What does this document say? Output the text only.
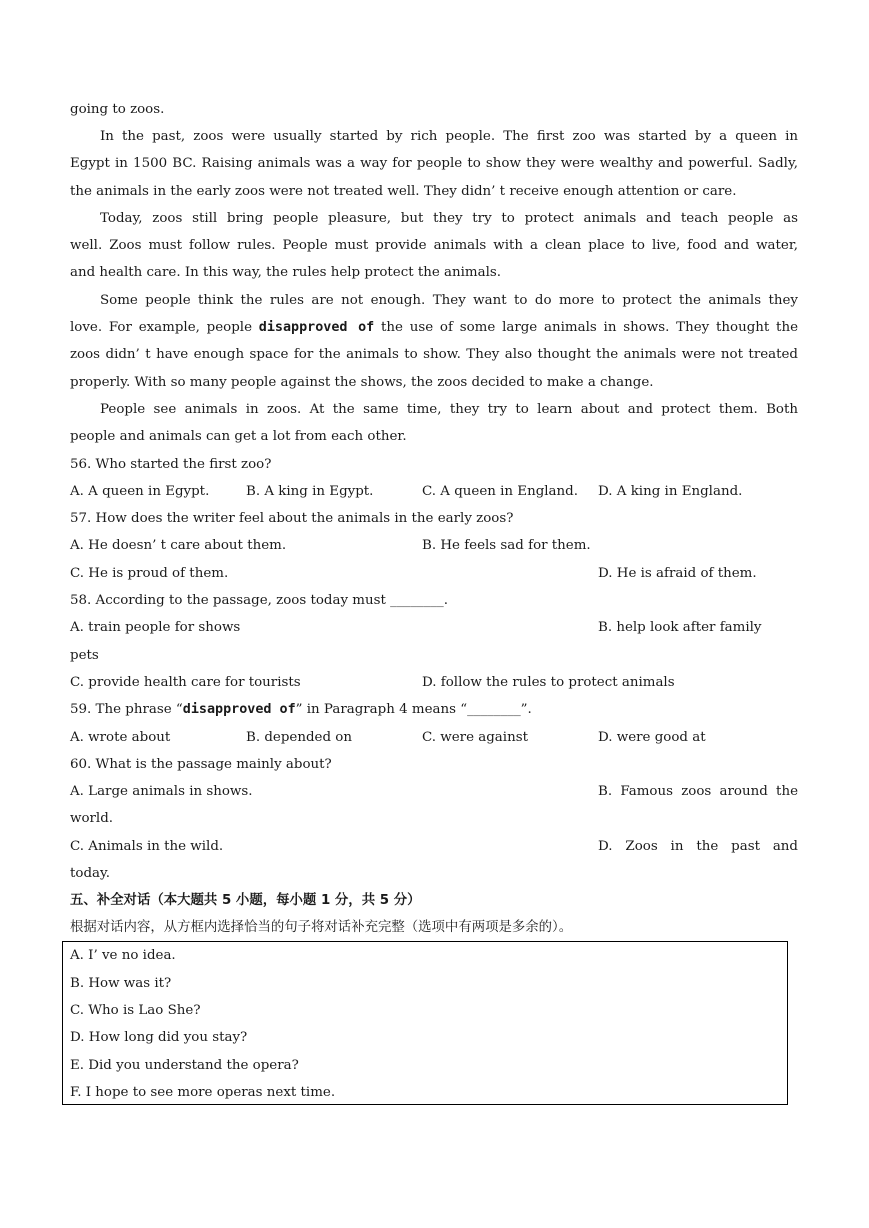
going to zoos.
In the past, zoos were usually started by rich people. The first zoo was started by a queen in
Egypt in 1500 BC. Raising animals was a way for people to show they were wealthy and powerful. Sadly,
the animals in the early zoos were not treated well. They didn’ t receive enough attention or care.
Today, zoos still bring people pleasure, but they try to protect animals and teach people as
well. Zoos must follow rules. People must provide animals with a clean place to live, food and water,
and health care. In this way, the rules help protect the animals.
Some people think the rules are not enough. They want to do more to protect the animals they
love. For example, people disapproved of the use of some large animals in shows. They thought the
zoos didn’ t have enough space for the animals to show. They also thought the animals were not treated
properly. With so many people against the shows, the zoos decided to make a change.
People see animals in zoos. At the same time, they try to learn about and protect them. Both
people and animals can get a lot from each other.
56. Who started the first zoo?
A. A queen in Egypt.	B. A king in Egypt.	C. A queen in England. D. A king in England.
57. How does the writer feel about the animals in the early zoos?
A. He doesn’ t care about them.	B. He feels sad for them.
C. He is proud of them.	D. He is afraid of them.
58. According to the passage, zoos today must ________.
A. train people for shows	B. help look after family
pets
C. provide health care for tourists	D. follow the rules to protect animals
59. The phrase “disapproved of” in Paragraph 4 means “________”.
A. wrote about	B. depended on	C. were against	D. were good at
60. What is the passage mainly about?
A. Large animals in shows.	B. Famous zoos around the
world.
C. Animals in the wild.	D. Zoos in the past and
today.
五、补全对话（本大题共 5 小题，每小题 1 分，共 5 分）
根据对话内容，从方框内选择恰当的句子将对话补充完整（选项中有两项是多余的）。
A. I’ ve no idea.
B. How was it?
C. Who is Lao She?
D. How long did you stay?
E. Did you understand the opera?
F. I hope to see more operas next time.
